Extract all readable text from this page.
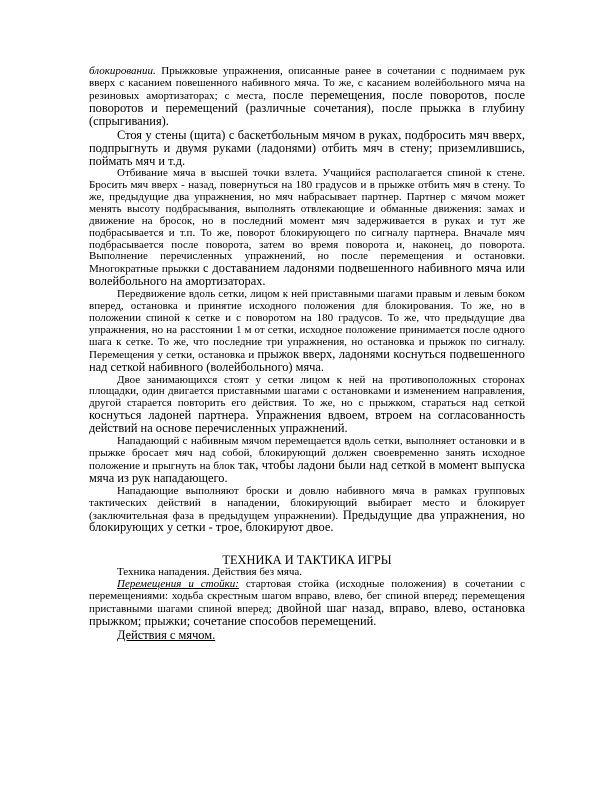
блокировании. Прыжковые упражнения, описанные ранее в сочетании с поднимаем рук вверх с касанием повешенного набивного мяча. То же, с касанием волейбольного мяча на резиновых амортизаторах; с места, после перемещения, после поворотов, после поворотов и перемещений (различные сочетания), после прыжка в глубину (спрыгивания).

Стоя у стены (щита) с баскетбольным мячом в руках, подбросить мяч вверх, подпрыгнуть и двумя руками (ладонями) отбить мяч в стену; приземлившись, поймать мяч и т.д.

Отбивание мяча в высшей точки взлета. Учащийся располагается спиной к стене. Бросить мяч вверх - назад, повернуться на 180 градусов и в прыжке отбить мяч в стену. То же, предыдущие два упражнения, но мяч набрасывает партнер. Партнер с мячом может менять высоту подбрасывания, выполнять отвлекающие и обманные движения: замах и движение на бросок, но в последний момент мяч задерживается в руках и тут же подбрасывается и т.п. То же, поворот блокирующего по сигналу партнера. Вначале мяч подбрасывается после поворота, затем во время поворота и, наконец, до поворота. Выполнение перечисленных упражнений, но после перемещения и остановки. Многократные прыжки с доставанием ладонями подвешенного набивного мяча или волейбольного на амортизаторах.

Передвижение вдоль сетки, лицом к ней приставными шагами правым и левым боком вперед, остановка и принятие исходного положения для блокирования. То же, но в положении спиной к сетке и с поворотом на 180 градусов. То же, что предыдущие два упражнения, но на расстоянии 1 м от сетки, исходное положение принимается после одного шага к сетке. То же, что последние три упражнения, но остановка и прыжок по сигналу. Перемещения у сетки, остановка и прыжок вверх, ладонями коснуться подвешенного над сеткой набивного (волейбольного) мяча.

Двое занимающихся стоят у сетки лицом к ней на противоположных сторонах площадки, один двигается приставными шагами с остановками и изменением направления, другой старается повторить его действия. То же, но с прыжком, стараться над сеткой коснуться ладоней партнера. Упражнения вдвоем, втроем на согласованность действий на основе перечисленных упражнений.

Нападающий с набивным мячом перемещается вдоль сетки, выполняет остановки и в прыжке бросает мяч над собой, блокирующий должен своевременно занять исходное положение и прыгнуть на блок так, чтобы ладони были над сеткой в момент выпуска мяча из рук нападающего.

Нападающие выполняют броски и довлю набивного мяча в рамках групповых тактических действий в нападении, блокирующий выбирает место и блокирует (заключительная фаза в предыдущем упражнении). Предыдущие два упражнения, но блокирующих у сетки - трое, блокируют двое.

ТЕХНИКА И ТАКТИКА ИГРЫ

Техника нападения. Действия без мяча.

Перемещения и стойки: стартовая стойка (исходные положения) в сочетании с перемещениями: ходьба скрестным шагом вправо, влево, бег спиной вперед; перемещения приставными шагами спиной вперед; двойной шаг назад, вправо, влево, остановка прыжком; прыжки; сочетание способов перемещений.

Действия с мячом.
